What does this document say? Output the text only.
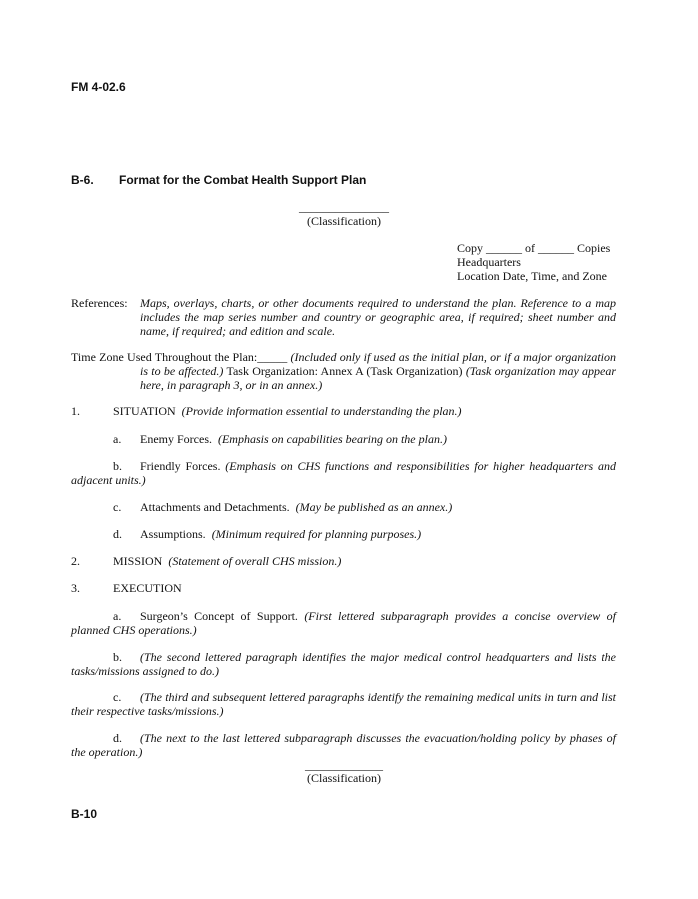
FM 4-02.6
B-6. Format for the Combat Health Support Plan
_______________
(Classification)
Copy ______ of ______ Copies
Headquarters
Location Date, Time, and Zone
References: Maps, overlays, charts, or other documents required to understand the plan. Reference to a map includes the map series number and country or geographic area, if required; sheet number and name, if required; and edition and scale.
Time Zone Used Throughout the Plan:_____ (Included only if used as the initial plan, or if a major organization is to be affected.) Task Organization: Annex A (Task Organization) (Task organization may appear here, in paragraph 3, or in an annex.)
1.	SITUATION (Provide information essential to understanding the plan.)
a. Enemy Forces. (Emphasis on capabilities bearing on the plan.)
b. Friendly Forces. (Emphasis on CHS functions and responsibilities for higher headquarters and adjacent units.)
c. Attachments and Detachments. (May be published as an annex.)
d. Assumptions. (Minimum required for planning purposes.)
2.	MISSION (Statement of overall CHS mission.)
3.	EXECUTION
a. Surgeon’s Concept of Support. (First lettered subparagraph provides a concise overview of planned CHS operations.)
b. (The second lettered paragraph identifies the major medical control headquarters and lists the tasks/missions assigned to do.)
c. (The third and subsequent lettered paragraphs identify the remaining medical units in turn and list their respective tasks/missions.)
d. (The next to the last lettered subparagraph discusses the evacuation/holding policy by phases of the operation.)
_____________
(Classification)
B-10
